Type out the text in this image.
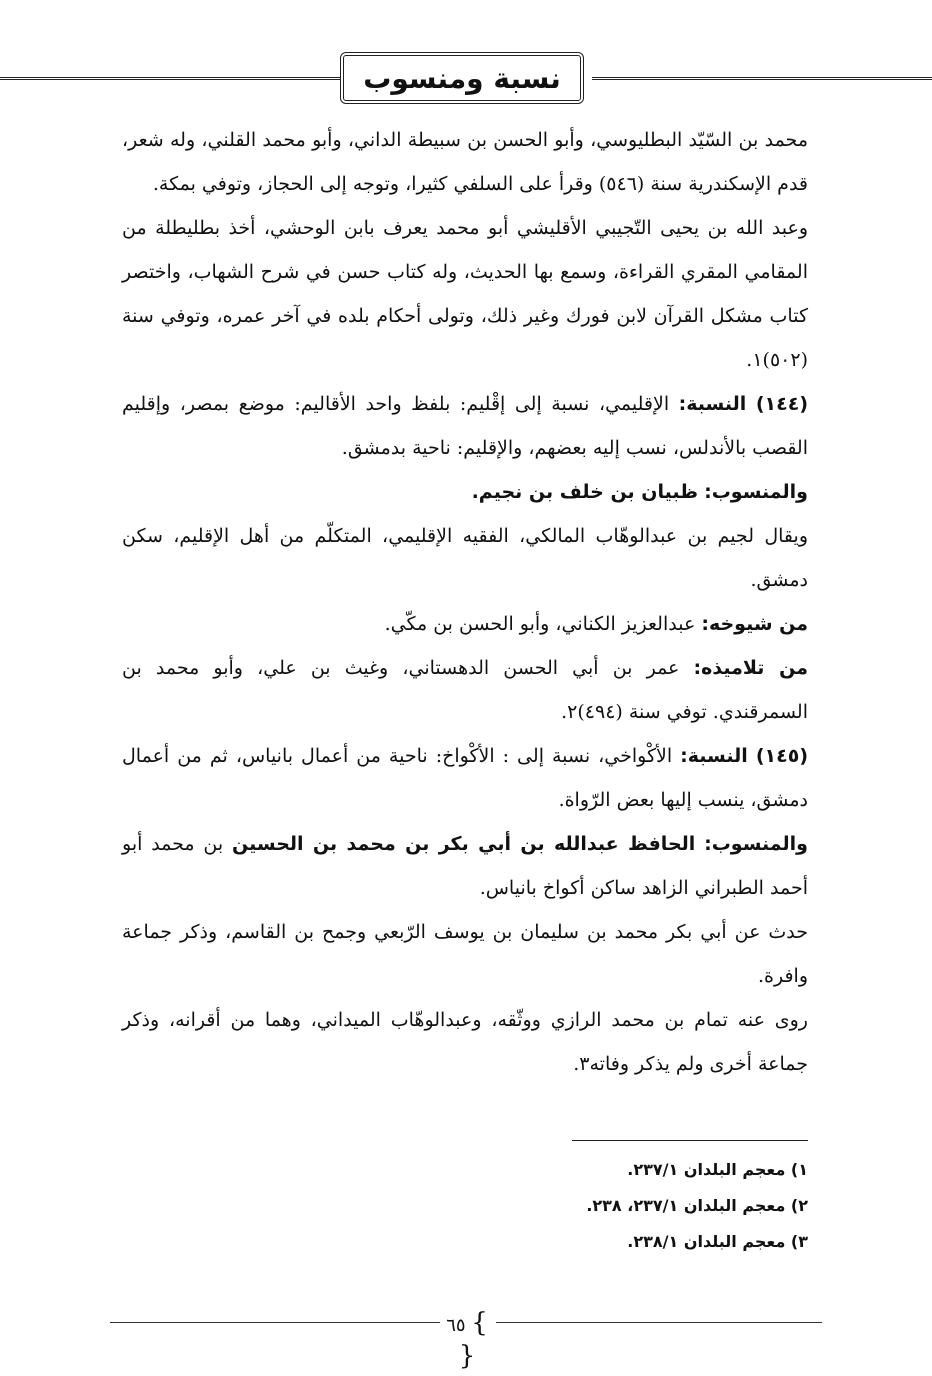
نسبة ومنسوب

محمد بن السّيّد البطليوسي، وأبو الحسن بن سبيطة الداني، وأبو محمد القلني، وله شعر، قدم الإسكندرية سنة (٥٤٦) وقرأ على السلفي كثيرا، وتوجه إلى الحجاز، وتوفي بمكة.

وعبد الله بن يحيى التّجيبي الأقليشي أبو محمد يعرف بابن الوحشي، أخذ بطليطلة من المقامي المقري القراءة، وسمع بها الحديث، وله كتاب حسن في شرح الشهاب، واختصر كتاب مشكل القرآن لابن فورك وغير ذلك، وتولى أحكام بلده في آخر عمره، وتوفي سنة (٥٠٢)١.

(١٤٤) النسبة: الإقليمي، نسبة إلى إقْليم: بلفظ واحد الأقاليم: موضع بمصر، وإقليم القصب بالأندلس، نسب إليه بعضهم، والإقليم: ناحية بدمشق.

والمنسوب: ظبيان بن خلف بن نجيم.

ويقال لجيم بن عبدالوهّاب المالكي، الفقيه الإقليمي، المتكلّم من أهل الإقليم، سكن دمشق.

من شيوخه: عبدالعزيز الكناني، وأبو الحسن بن مكّي.

من تلاميذه: عمر بن أبي الحسن الدهستاني، وغيث بن علي، وأبو محمد بن السمرقندي. توفي سنة (٤٩٤)٢.

(١٤٥) النسبة: الأكْواخي، نسبة إلى : الأكْواخ: ناحية من أعمال بانياس، ثم من أعمال دمشق، ينسب إليها بعض الرّواة.

والمنسوب: الحافظ عبدالله بن أبي بكر بن محمد بن الحسين بن محمد أبو أحمد الطبراني الزاهد ساكن أكواخ بانياس.

حدث عن أبي بكر محمد بن سليمان بن يوسف الرّبعي وجمح بن القاسم، وذكر جماعة وافرة.

روى عنه تمام بن محمد الرازي ووثّقه، وعبدالوهّاب الميداني، وهما من أقرانه، وذكر جماعة أخرى ولم يذكر وفاته٣.

١) معجم البلدان ٢٣٧/١.

٢) معجم البلدان ٢٣٧/١، ٢٣٨.

٣) معجم البلدان ٢٣٨/١.

} ٦٥ {
